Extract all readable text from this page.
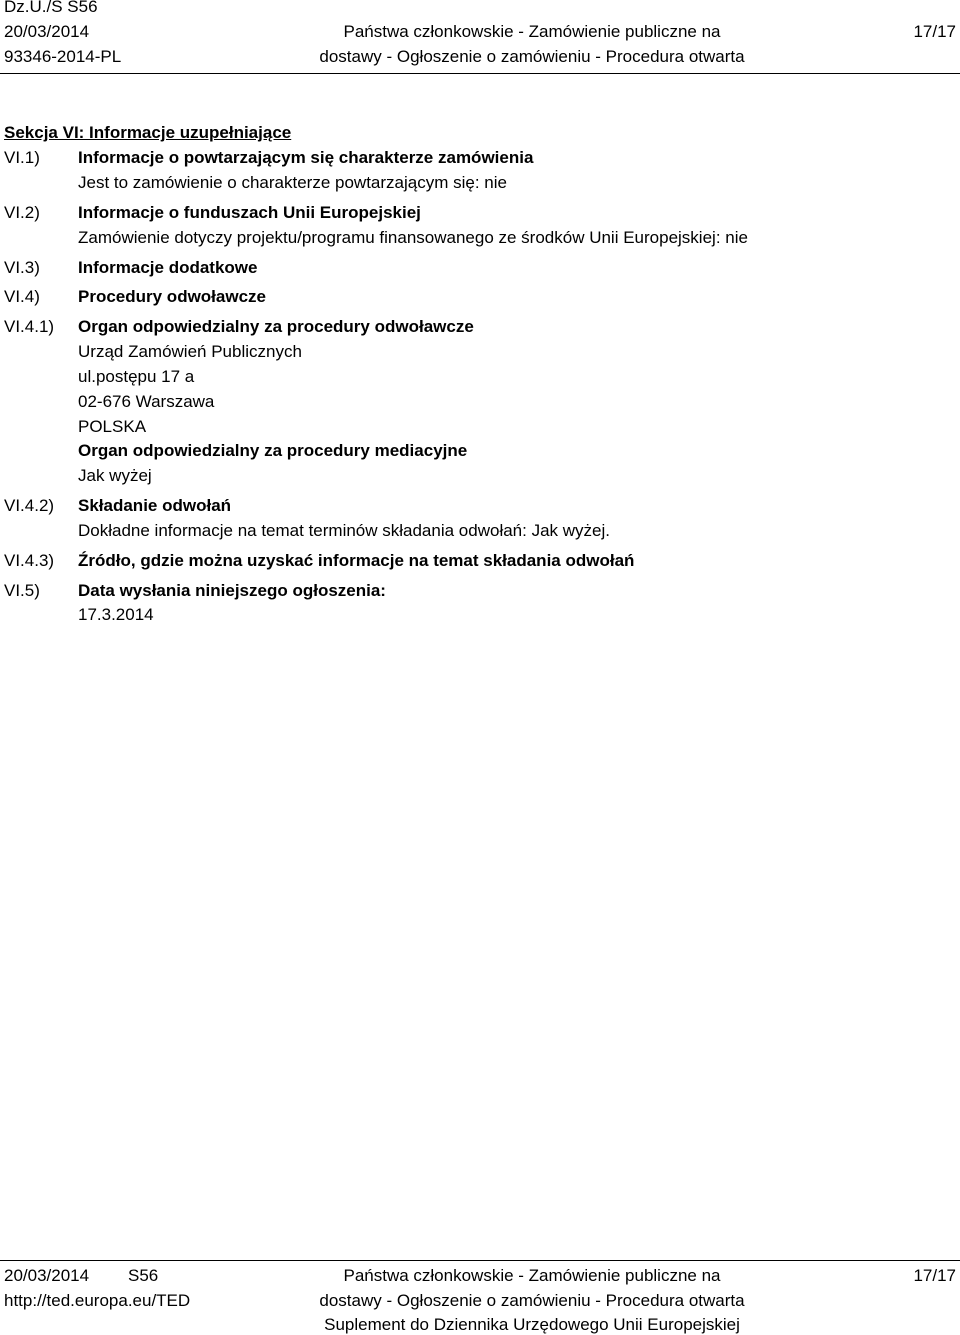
Dz.U./S S56
20/03/2014
93346-2014-PL
Państwa członkowskie - Zamówienie publiczne na
dostawy - Ogłoszenie o zamówieniu - Procedura otwarta
17/17
Sekcja VI: Informacje uzupełniające
VI.1) Informacje o powtarzającym się charakterze zamówienia
Jest to zamówienie o charakterze powtarzającym się: nie
VI.2) Informacje o funduszach Unii Europejskiej
Zamówienie dotyczy projektu/programu finansowanego ze środków Unii Europejskiej: nie
VI.3) Informacje dodatkowe
VI.4) Procedury odwoławcze
VI.4.1) Organ odpowiedzialny za procedury odwoławcze
Urząd Zamówień Publicznych
ul.postępu 17 a
02-676 Warszawa
POLSKA
Organ odpowiedzialny za procedury mediacyjne
Jak wyżej
VI.4.2) Składanie odwołań
Dokładne informacje na temat terminów składania odwołań: Jak wyżej.
VI.4.3) Źródło, gdzie można uzyskać informacje na temat składania odwołań
VI.5) Data wysłania niniejszego ogłoszenia:
17.3.2014
20/03/2014 S56
http://ted.europa.eu/TED
Państwa członkowskie - Zamówienie publiczne na
dostawy - Ogłoszenie o zamówieniu - Procedura otwarta
Suplement do Dziennika Urzędowego Unii Europejskiej
17/17
